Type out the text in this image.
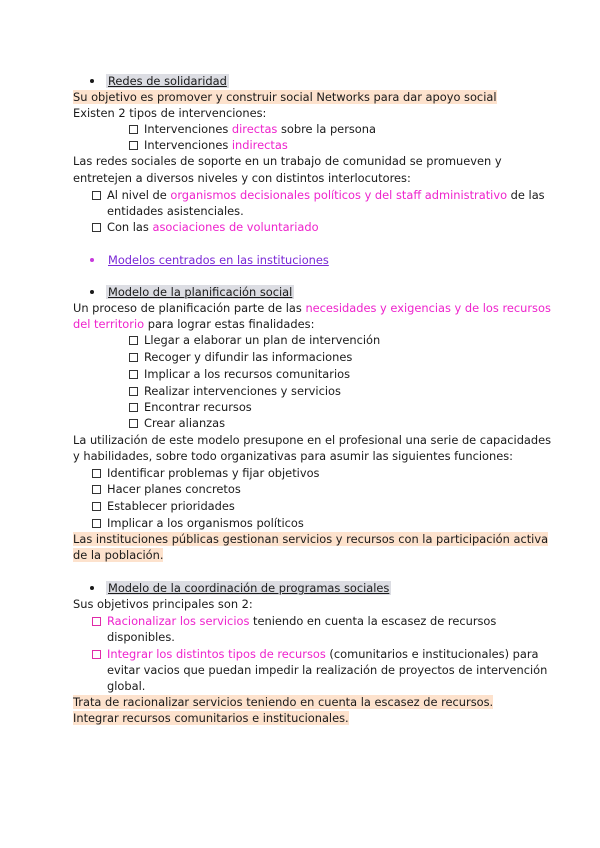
Redes de solidaridad
Su objetivo es promover y construir social Networks para dar apoyo social
Existen 2 tipos de intervenciones:
Intervenciones directas sobre la persona
Intervenciones indirectas
Las redes sociales de soporte en un trabajo de comunidad se promueven y
entretejen a diversos niveles y con distintos interlocutores:
Al nivel de organismos decisionales políticos y del staff administrativo de las
entidades asistenciales.
Con las asociaciones de voluntariado
Modelos centrados en las instituciones
Modelo de la planificación social
Un proceso de planificación parte de las necesidades y exigencias y de los recursos
del territorio para lograr estas finalidades:
Llegar a elaborar un plan de intervención
Recoger y difundir las informaciones
Implicar a los recursos comunitarios
Realizar intervenciones y servicios
Encontrar recursos
Crear alianzas
La utilización de este modelo presupone en el profesional una serie de capacidades
y habilidades, sobre todo organizativas para asumir las siguientes funciones:
Identificar problemas y fijar objetivos
Hacer planes concretos
Establecer prioridades
Implicar a los organismos políticos
Las instituciones públicas gestionan servicios y recursos con la participación activa
de la población.
Modelo de la coordinación de programas sociales
Sus objetivos principales son 2:
Racionalizar los servicios teniendo en cuenta la escasez de recursos
disponibles.
Integrar los distintos tipos de recursos (comunitarios e institucionales) para
evitar vacios que puedan impedir la realización de proyectos de intervención
global.
Trata de racionalizar servicios teniendo en cuenta la escasez de recursos.
Integrar recursos comunitarios e institucionales.
